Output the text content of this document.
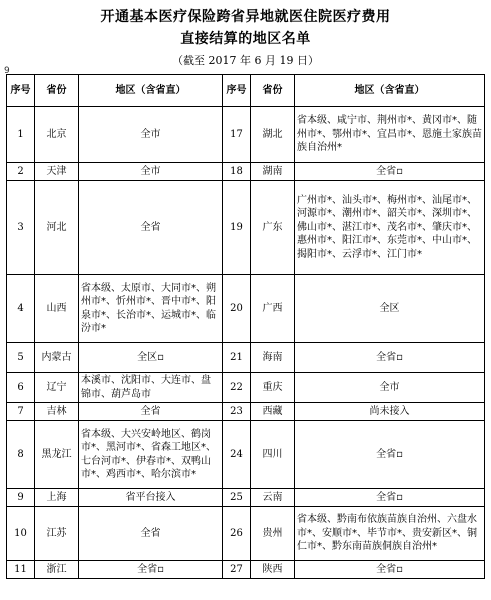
开通基本医疗保险跨省异地就医住院医疗费用
直接结算的地区名单
（截至 2017 年 6 月 19 日）
9
序号	省份	地区（含省直）	序号	省份	地区（含省直）
1	北京	全市	17	湖北	省本级、咸宁市、荆州市*、黄冈市*、随州市*、鄂州市*、宜昌市*、恩施土家族苗族自治州*
2	天津	全市	18	湖南	全省▫
3	河北	全省	19	广东	广州市*、汕头市*、梅州市*、汕尾市*、河源市*、潮州市*、韶关市*、深圳市*、佛山市*、湛江市*、茂名市*、肇庆市*、惠州市*、阳江市*、东莞市*、中山市*、揭阳市*、云浮市*、江门市*
4	山西	省本级、太原市、大同市*、朔州市*、忻州市*、晋中市*、阳泉市*、长治市*、运城市*、临汾市*	20	广西	全区
5	内蒙古	全区▫	21	海南	全省▫
6	辽宁	本溪市、沈阳市、大连市、盘锦市、葫芦岛市	22	重庆	全市
7	吉林	全省	23	西藏	尚未接入
8	黑龙江	省本级、大兴安岭地区、鹤岗市*、黑河市*、省森工地区*、七台河市*、伊春市*、双鸭山市*、鸡西市*、哈尔滨市*	24	四川	全省▫
9	上海	省平台接入	25	云南	全省▫
10	江苏	全省	26	贵州	省本级、黔南布依族苗族自治州、六盘水市*、安顺市*、毕节市*、贵安新区*、铜仁市*、黔东南苗族侗族自治州*
11	浙江	全省▫	27	陕西	全省▫
